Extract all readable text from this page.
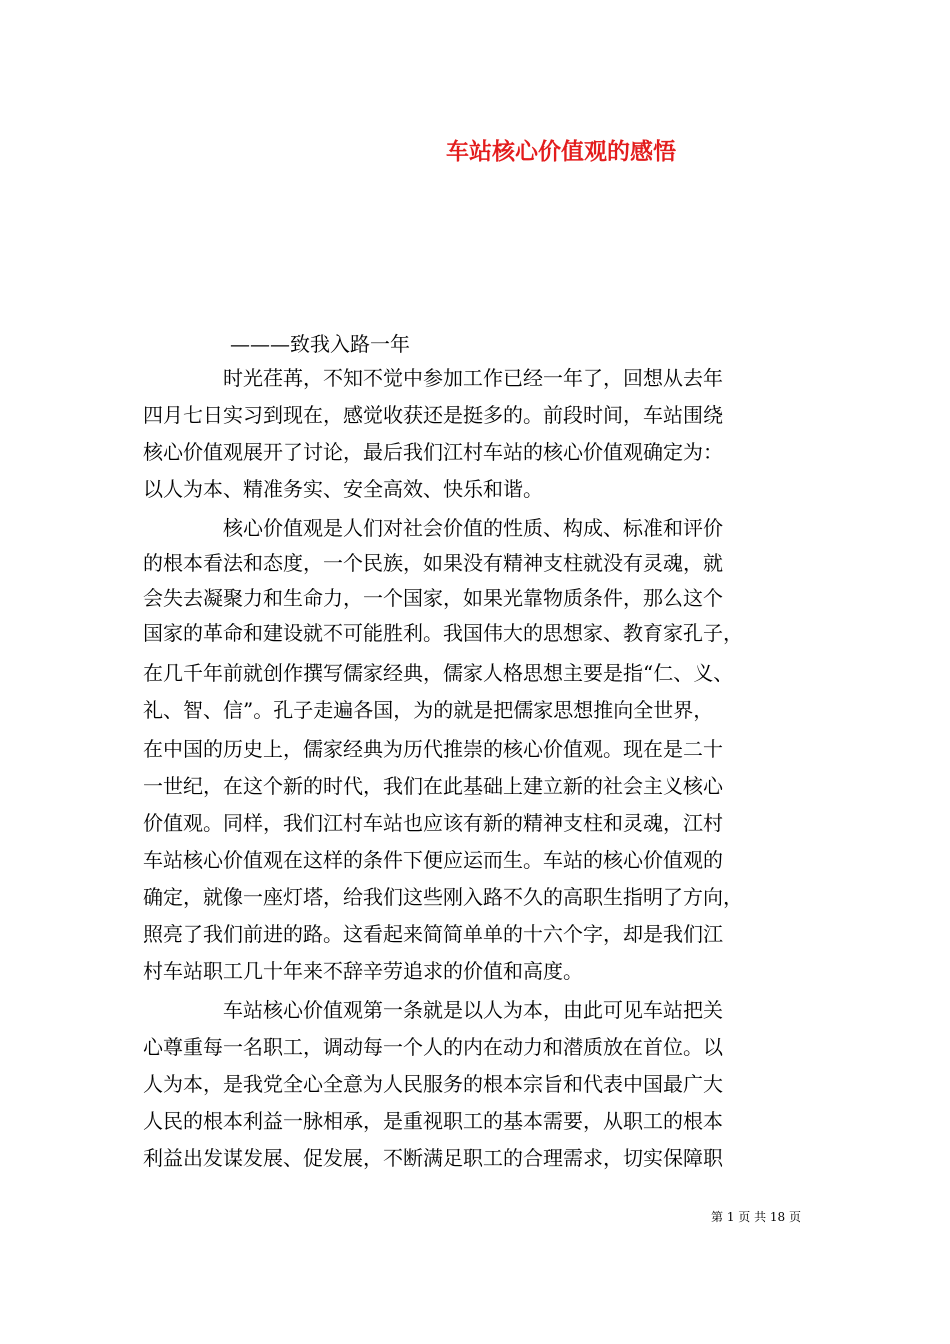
车站核心价值观的感悟
———致我入路一年
　　　　时光荏苒，不知不觉中参加工作已经一年了，回想从去年
四月七日实习到现在，感觉收获还是挺多的。前段时间，车站围绕
核心价值观展开了讨论，最后我们江村车站的核心价值观确定为：
以人为本、精准务实、安全高效、快乐和谐。
　　　　核心价值观是人们对社会价值的性质、构成、标准和评价
的根本看法和态度，一个民族，如果没有精神支柱就没有灵魂，就
会失去凝聚力和生命力，一个国家，如果光靠物质条件，那么这个
国家的革命和建设就不可能胜利。我国伟大的思想家、教育家孔子，
在几千年前就创作撰写儒家经典，儒家人格思想主要是指“仁、义、
礼、智、信”。孔子走遍各国，为的就是把儒家思想推向全世界，
在中国的历史上，儒家经典为历代推崇的核心价值观。现在是二十
一世纪，在这个新的时代，我们在此基础上建立新的社会主义核心
价值观。同样，我们江村车站也应该有新的精神支柱和灵魂，江村
车站核心价值观在这样的条件下便应运而生。车站的核心价值观的
确定，就像一座灯塔，给我们这些刚入路不久的高职生指明了方向，
照亮了我们前进的路。这看起来简简单单的十六个字，却是我们江
村车站职工几十年来不辞辛劳追求的价值和高度。
　　　　车站核心价值观第一条就是以人为本，由此可见车站把关
心尊重每一名职工，调动每一个人的内在动力和潜质放在首位。以
人为本，是我党全心全意为人民服务的根本宗旨和代表中国最广大
人民的根本利益一脉相承，是重视职工的基本需要，从职工的根本
利益出发谋发展、促发展，不断满足职工的合理需求，切实保障职
第 1 页 共 18 页
